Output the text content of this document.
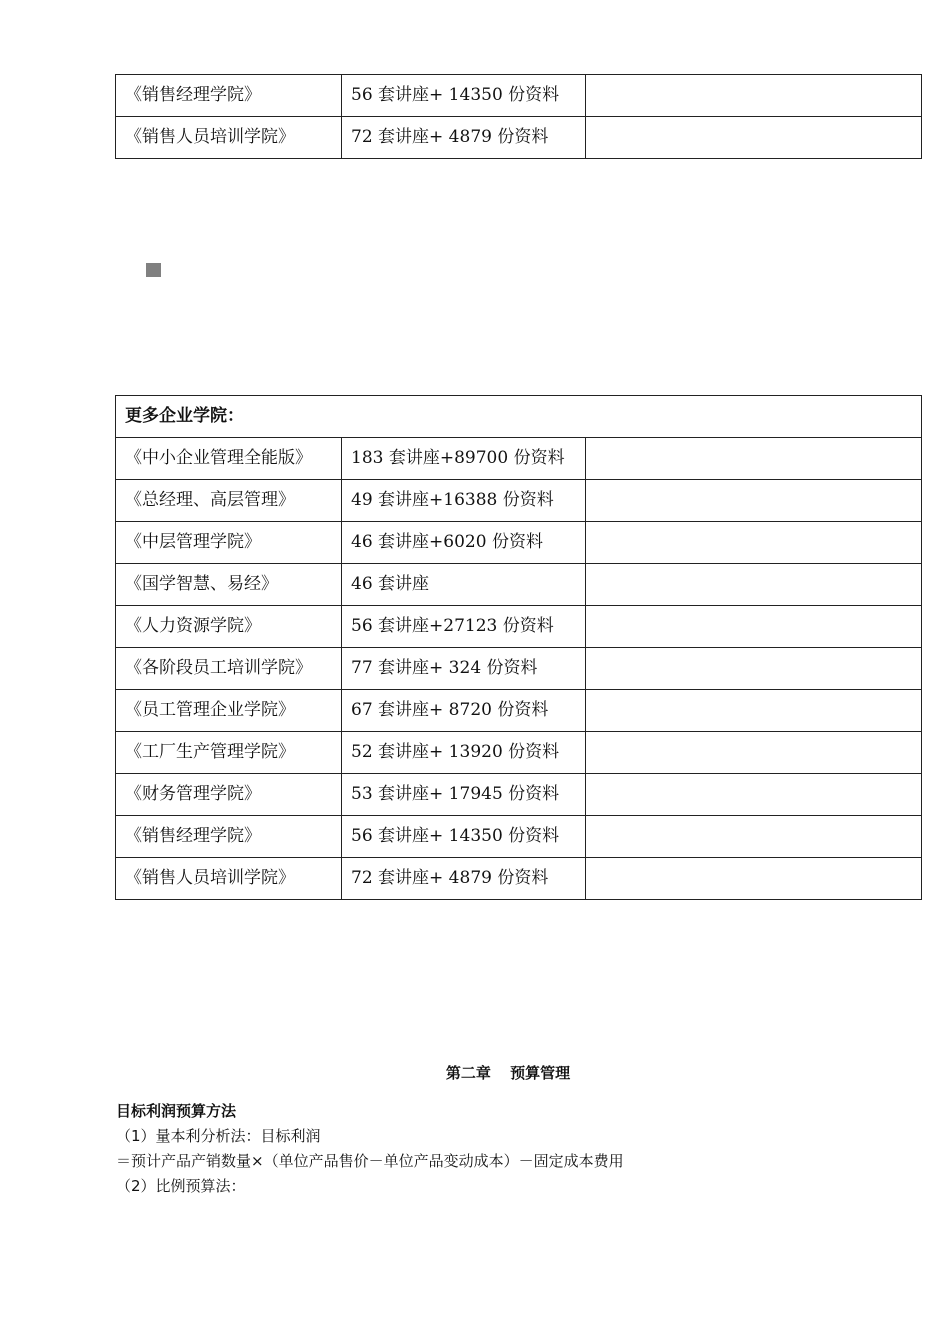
《销售经理学院》	56 套讲座+ 14350 份资料	
《销售人员培训学院》	72 套讲座+ 4879 份资料	
更多企业学院：		
《中小企业管理全能版》	183 套讲座+89700 份资料	
《总经理、高层管理》	49 套讲座+16388 份资料	
《中层管理学院》	46 套讲座+6020 份资料	
《国学智慧、易经》	46 套讲座	
《人力资源学院》	56 套讲座+27123 份资料	
《各阶段员工培训学院》	77 套讲座+ 324 份资料	
《员工管理企业学院》	67 套讲座+ 8720 份资料	
《工厂生产管理学院》	52 套讲座+ 13920 份资料	
《财务管理学院》	53 套讲座+ 17945 份资料	
《销售经理学院》	56 套讲座+ 14350 份资料	
《销售人员培训学院》	72 套讲座+ 4879 份资料	
第二章 预算管理
目标利润预算方法
（1）量本利分析法：目标利润
＝预计产品产销数量×（单位产品售价－单位产品变动成本）－固定成本费用
（2）比例预算法：
